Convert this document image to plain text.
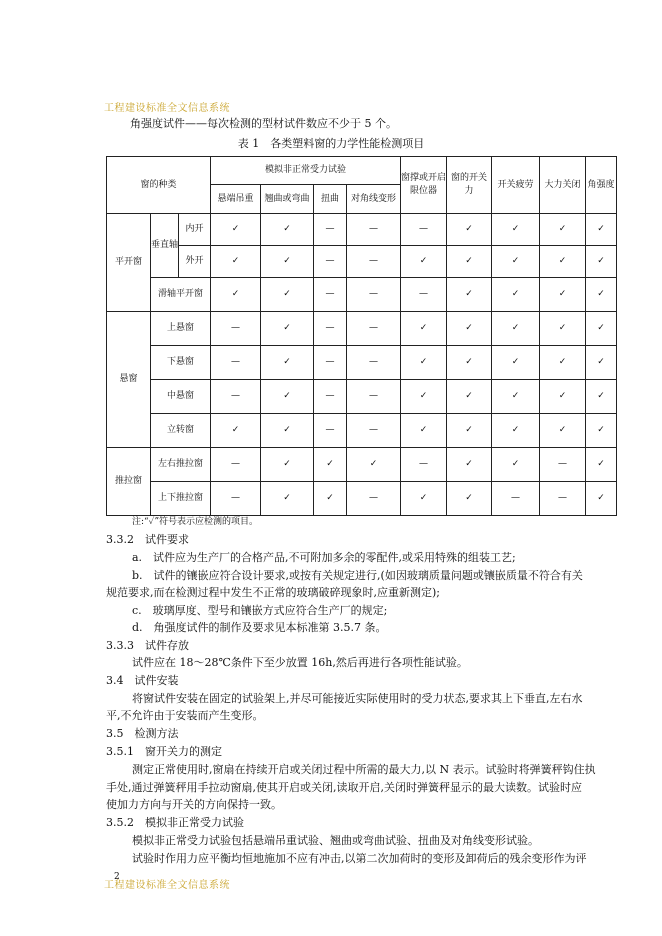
工程建设标准全文信息系统
角强度试件——每次检测的型材试件数应不少于 5 个。
表 1　各类塑料窗的力学性能检测项目
窗的种类			模拟非正常受力试验				窗撑或开启限位器	窗的开关力	开关疲劳	大力关闭	角强度
			悬端吊重	翘曲或弯曲	扭曲	对角线变形					
平开窗	垂直轴	内开	✓	✓	—	—	—	✓	✓	✓	✓
		外开	✓	✓	—	—	✓	✓	✓	✓	✓
	滑轴平开窗		✓	✓	—	—	—	✓	✓	✓	✓
悬窗	上悬窗		—	✓	—	—	✓	✓	✓	✓	✓
	下悬窗		—	✓	—	—	✓	✓	✓	✓	✓
	中悬窗		—	✓	—	—	✓	✓	✓	✓	✓
	立转窗		✓	✓	—	—	✓	✓	✓	✓	✓
推拉窗	左右推拉窗		—	✓	✓	✓	—	✓	✓	—	✓
	上下推拉窗		—	✓	✓	—	✓	✓	—	—	✓
注:“✓”符号表示应检测的项目。
3.3.2　试件要求
a.　试件应为生产厂的合格产品,不可附加多余的零配件,或采用特殊的组装工艺;
b.　试件的镶嵌应符合设计要求,或按有关规定进行,(如因玻璃质量问题或镶嵌质量不符合有关
规范要求,而在检测过程中发生不正常的玻璃破碎现象时,应重新测定);
c.　玻璃厚度、型号和镶嵌方式应符合生产厂的规定;
d.　角强度试件的制作及要求见本标准第 3.5.7 条。
3.3.3　试件存放
试件应在 18～28℃条件下至少放置 16h,然后再进行各项性能试验。
3.4　试件安装
将窗试件安装在固定的试验架上,并尽可能接近实际使用时的受力状态,要求其上下垂直,左右水
平,不允许由于安装而产生变形。
3.5　检测方法
3.5.1　窗开关力的测定
测定正常使用时,窗扇在持续开启或关闭过程中所需的最大力,以 N 表示。试验时将弹簧秤钩住执
手处,通过弹簧秤用手拉动窗扇,使其开启或关闭,读取开启,关闭时弹簧秤显示的最大读数。试验时应
使加力方向与开关的方向保持一致。
3.5.2　模拟非正常受力试验
模拟非正常受力试验包括悬端吊重试验、翘曲或弯曲试验、扭曲及对角线变形试验。
试验时作用力应平衡均恒地施加不应有冲击,以第二次加荷时的变形及卸荷后的残余变形作为评
2
工程建设标准全文信息系统
